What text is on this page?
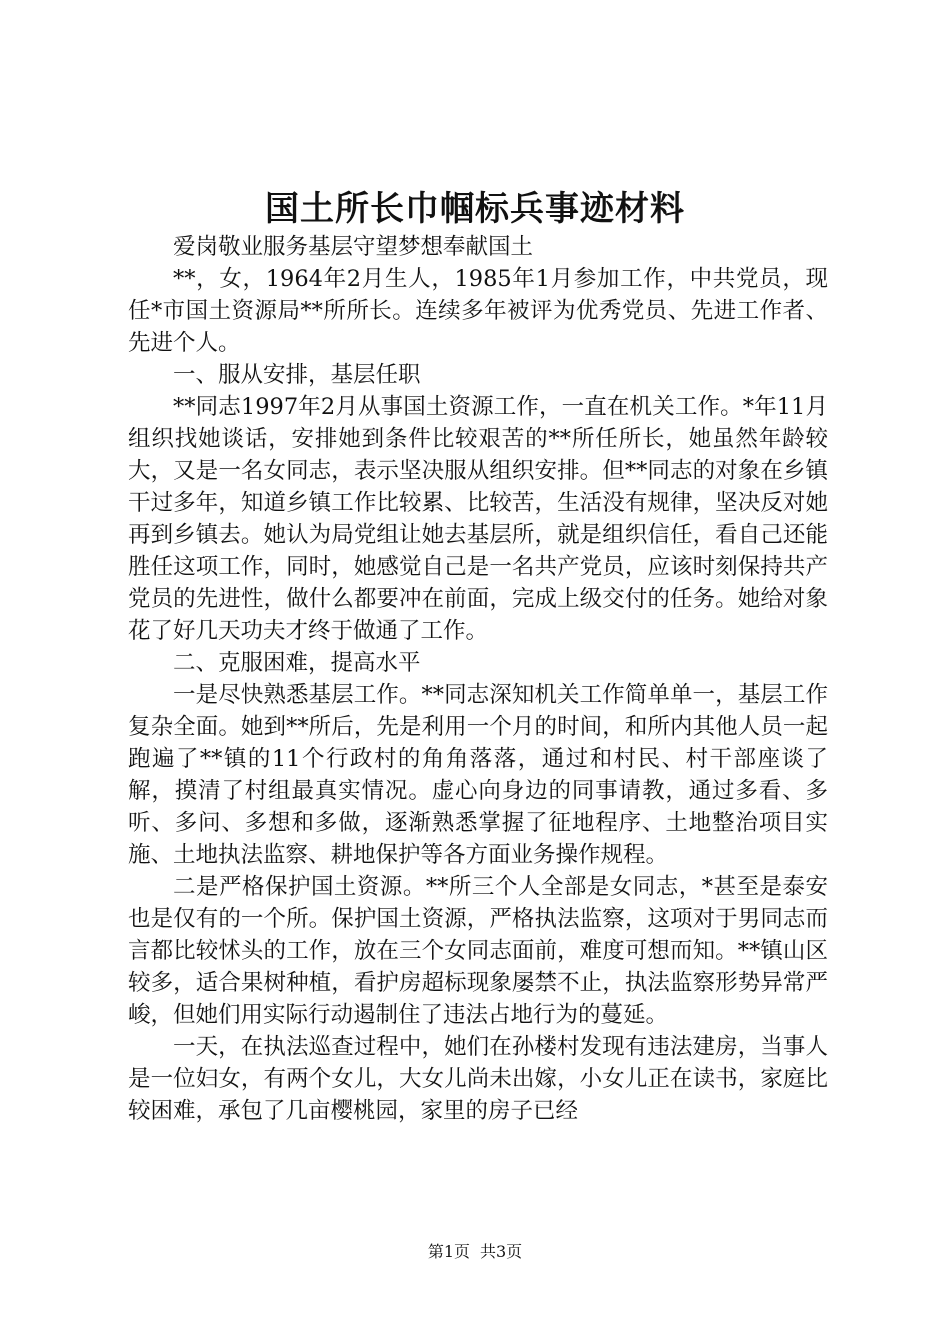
国土所长巾帼标兵事迹材料

爱岗敬业服务基层守望梦想奉献国土

**，女，1964年2月生人，1985年1月参加工作，中共党员，现任*市国土资源局**所所长。连续多年被评为优秀党员、先进工作者、先进个人。

一、服从安排，基层任职

**同志1997年2月从事国土资源工作，一直在机关工作。*年11月组织找她谈话，安排她到条件比较艰苦的**所任所长，她虽然年龄较大，又是一名女同志，表示坚决服从组织安排。但**同志的对象在乡镇干过多年，知道乡镇工作比较累、比较苦，生活没有规律，坚决反对她再到乡镇去。她认为局党组让她去基层所，就是组织信任，看自己还能胜任这项工作，同时，她感觉自己是一名共产党员，应该时刻保持共产党员的先进性，做什么都要冲在前面，完成上级交付的任务。她给对象花了好几天功夫才终于做通了工作。

二、克服困难，提高水平

一是尽快熟悉基层工作。**同志深知机关工作简单单一，基层工作复杂全面。她到**所后，先是利用一个月的时间，和所内其他人员一起跑遍了**镇的11个行政村的角角落落，通过和村民、村干部座谈了解，摸清了村组最真实情况。虚心向身边的同事请教，通过多看、多听、多问、多想和多做，逐渐熟悉掌握了征地程序、土地整治项目实施、土地执法监察、耕地保护等各方面业务操作规程。

二是严格保护国土资源。**所三个人全部是女同志，*甚至是泰安也是仅有的一个所。保护国土资源，严格执法监察，这项对于男同志而言都比较怵头的工作，放在三个女同志面前，难度可想而知。**镇山区较多，适合果树种植，看护房超标现象屡禁不止，执法监察形势异常严峻，但她们用实际行动遏制住了违法占地行为的蔓延。

一天，在执法巡查过程中，她们在孙楼村发现有违法建房，当事人是一位妇女，有两个女儿，大女儿尚未出嫁，小女儿正在读书，家庭比较困难，承包了几亩樱桃园，家里的房子已经

第1页 共3页
